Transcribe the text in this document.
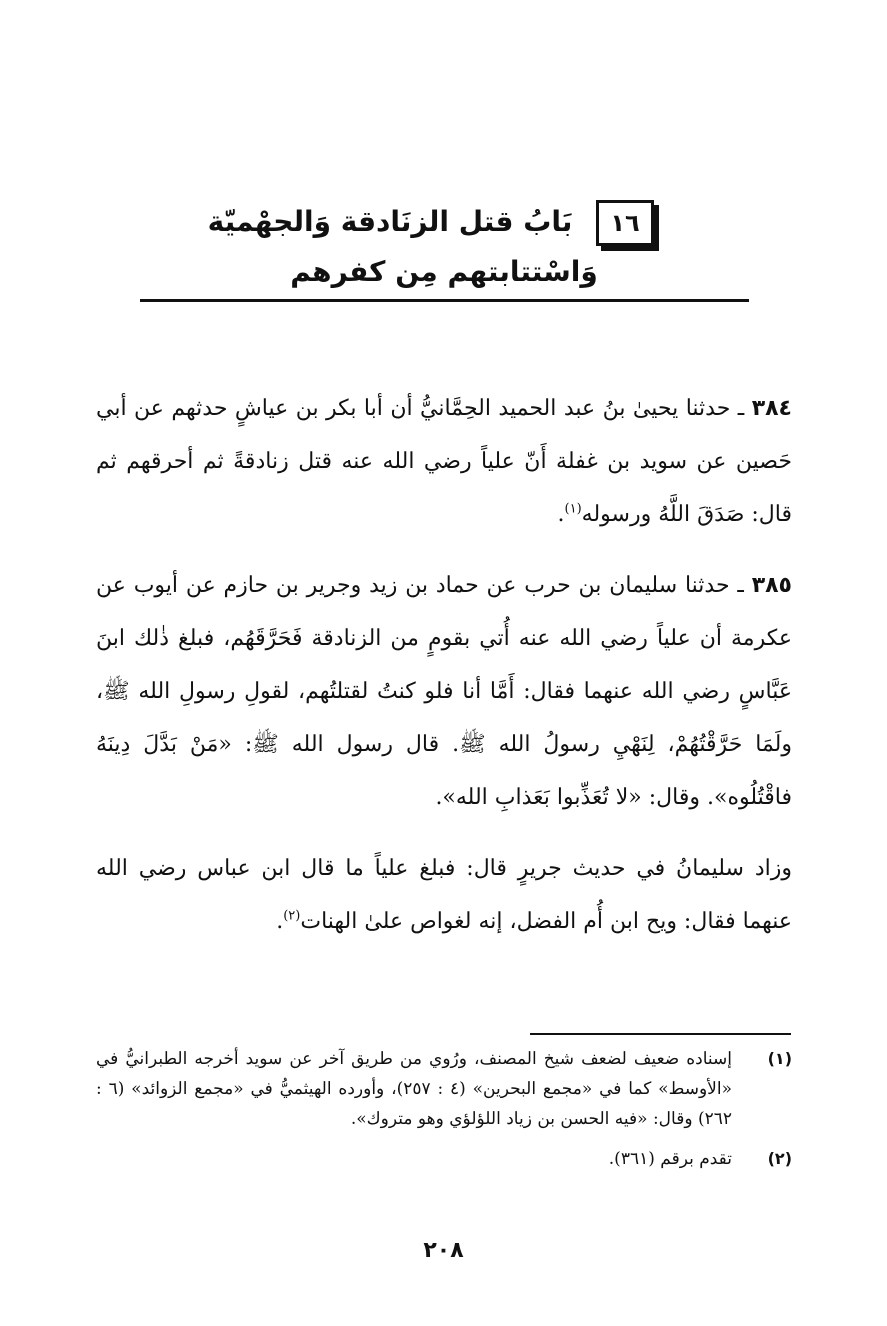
١٦
بَابُ قتل الزنَادقة وَالجهْميّة
وَاسْتتابتهم مِن كفرهم

٣٨٤ ـ حدثنا يحيىٰ بنُ عبد الحميد الحِمَّانيُّ أن أبا بكر بن عياشٍ حدثهم عن أبي حَصين عن سويد بن غفلة أَنّ علياً رضي الله عنه قتل زنادقةً ثم أحرقهم ثم قال: صَدَقَ اللَّهُ ورسوله$^{(١)}$.

٣٨٥ ـ حدثنا سليمان بن حرب عن حماد بن زيد وجرير بن حازم عن أيوب عن عكرمة أن علياً رضي الله عنه أُتي بقومٍ من الزنادقة فَحَرَّقَهُم، فبلغ ذٰلك ابنَ عَبَّاسٍ رضي الله عنهما فقال: أَمَّا أنا فلو كنتُ لقتلتُهم، لقولِ رسولِ الله ﷺ، ولَمَا حَرَّقْتُهُمْ، لِنَهْيِ رسولُ الله ﷺ. قال رسول الله ﷺ: «مَنْ بَدَّلَ دِينَهُ فاقْتُلُوه». وقال: «لا تُعَذِّبوا بَعَذابِ الله».

وزاد سليمانُ في حديث جريرٍ قال: فبلغ علياً ما قال ابن عباس رضي الله عنهما فقال: ويح ابن أُم الفضل، إنه لغواص علىٰ الهنات$^{(٢)}$.

(١)
إسناده ضعيف لضعف شيخ المصنف، ورُوي من طريق آخر عن سويد أخرجه الطبرانيُّ في «الأوسط» كما في «مجمع البحرين» (٤ : ٢٥٧)، وأورده الهيثميُّ في «مجمع الزوائد» (٦ : ٢٦٢) وقال: «فيه الحسن بن زياد اللؤلؤي وهو متروك».
(٢)
تقدم برقم (٣٦١).
٢٠٨
